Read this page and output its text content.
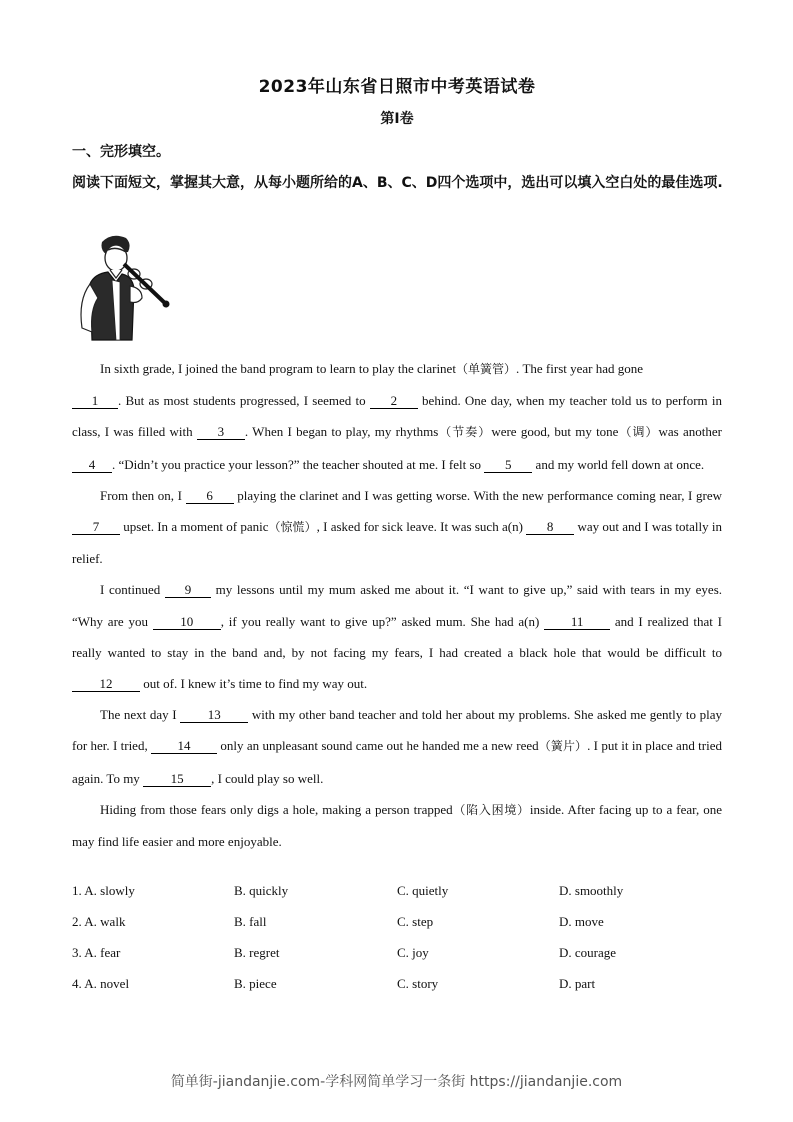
2023年山东省日照市中考英语试卷
第I卷
一、完形填空。
阅读下面短文，掌握其大意，从每小题所给的A、B、C、D四个选项中，选出可以填入空白处的最佳选项.

In sixth grade, I joined the band program to learn to play the clarinet（单簧管）. The first year had gone
1 . But as most students progressed, I seemed to 2 behind. One day, when my teacher told us to perform in class, I was filled with 3 . When I began to play, my rhythms（节奏）were good, but my tone（调）was another 4 . “Didn’t you practice your lesson?” the teacher shouted at me. I felt so 5 and my world fell down at once.

From then on, I 6 playing the clarinet and I was getting worse. With the new performance coming near, I grew 7 upset. In a moment of panic（惊慌）, I asked for sick leave. It was such a(n) 8 way out and I was totally in relief.

I continued 9 my lessons until my mum asked me about it. “I want to give up,” said with tears in my eyes. “Why are you 10 , if you really want to give up?” asked mum. She had a(n) 11 and I realized that I really wanted to stay in the band and, by not facing my fears, I had created a black hole that would be difficult to 12 out of. I knew it’s time to find my way out.

The next day I 13 with my other band teacher and told her about my problems. She asked me gently to play for her. I tried, 14 only an unpleasant sound came out he handed me a new reed（簧片）. I put it in place and tried again. To my 15 , I could play so well.

Hiding from those fears only digs a hole, making a person trapped（陷入困境）inside. After facing up to a fear, one may find life easier and more enjoyable.

1. A. slowly	B. quickly	C. quietly	D. smoothly
2. A. walk	B. fall	C. step	D. move
3. A. fear	B. regret	C. joy	D. courage
4. A. novel	B. piece	C. story	D. part
简单街-jiandanjie.com-学科网简单学习一条街 https://jiandanjie.com
